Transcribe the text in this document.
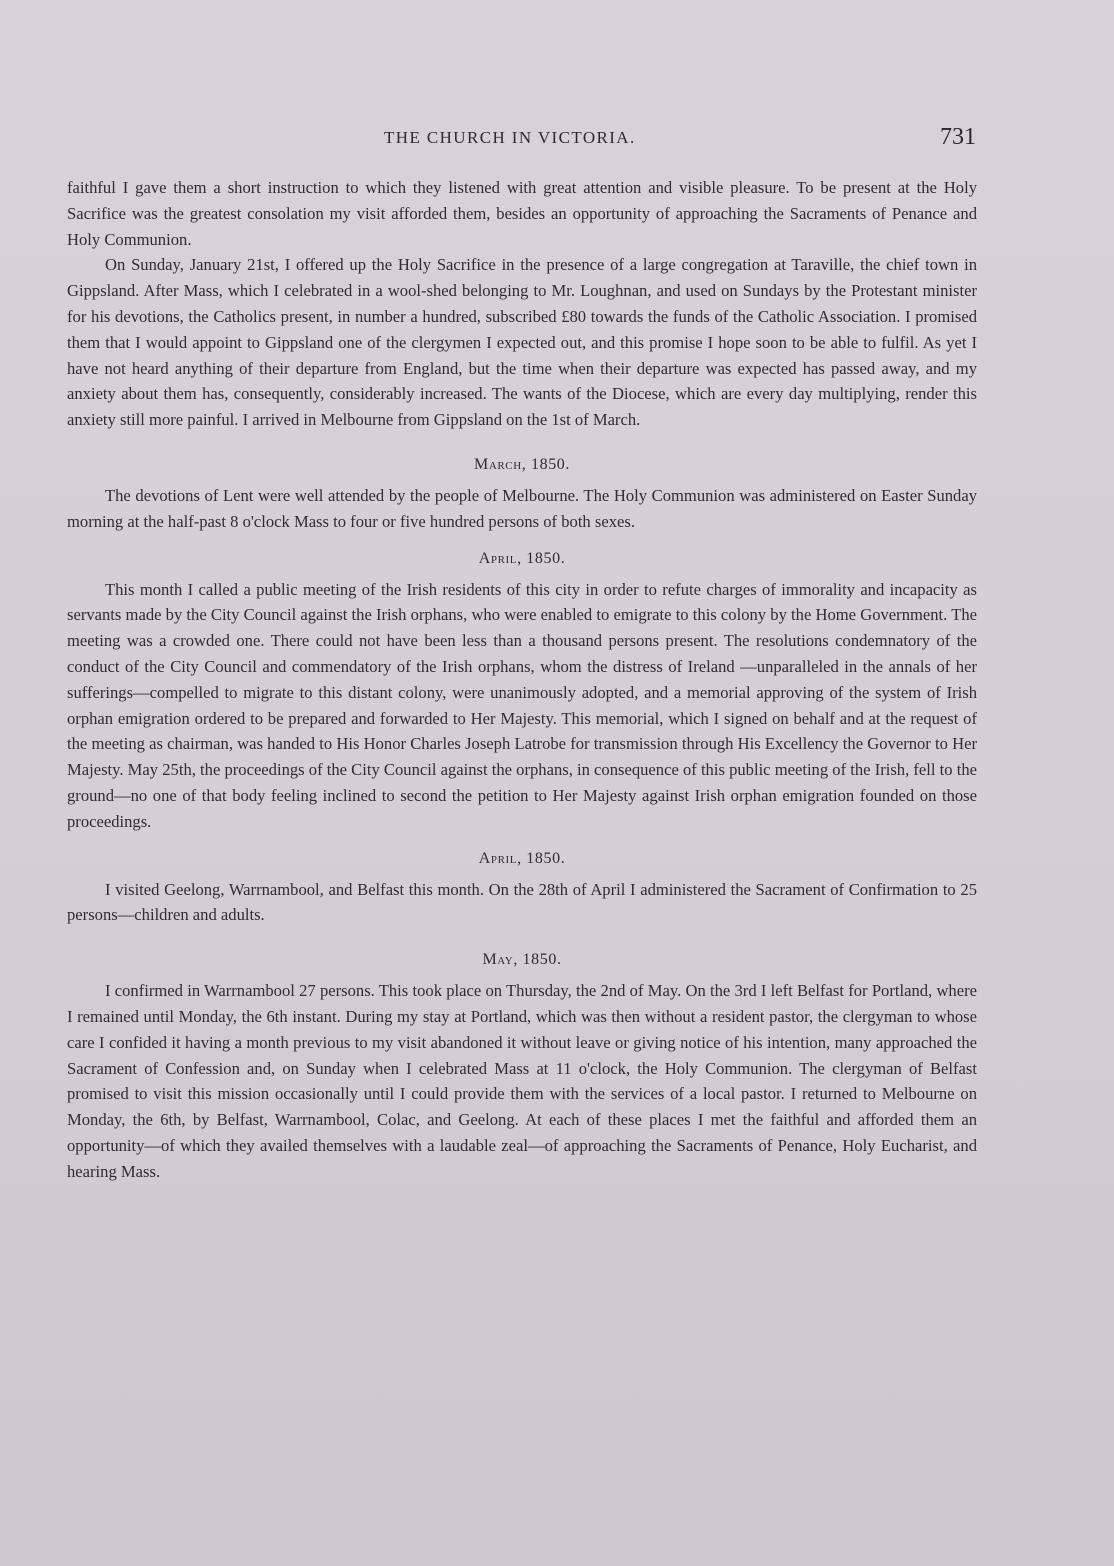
THE CHURCH IN VICTORIA.	731

faithful I gave them a short instruction to which they listened with great attention and visible pleasure. To be present at the Holy Sacrifice was the greatest consolation my visit afforded them, besides an opportunity of approaching the Sacraments of Penance and Holy Communion.

On Sunday, January 21st, I offered up the Holy Sacrifice in the presence of a large congregation at Taraville, the chief town in Gippsland. After Mass, which I celebrated in a wool-shed belonging to Mr. Loughnan, and used on Sundays by the Protestant minister for his devotions, the Catholics present, in number a hundred, subscribed £80 towards the funds of the Catholic Association. I promised them that I would appoint to Gippsland one of the clergymen I expected out, and this promise I hope soon to be able to fulfil. As yet I have not heard anything of their departure from England, but the time when their departure was expected has passed away, and my anxiety about them has, consequently, considerably increased. The wants of the Diocese, which are every day multiplying, render this anxiety still more painful. I arrived in Melbourne from Gippsland on the 1st of March.

March, 1850.

The devotions of Lent were well attended by the people of Melbourne. The Holy Communion was administered on Easter Sunday morning at the half-past 8 o'clock Mass to four or five hundred persons of both sexes.

April, 1850.

This month I called a public meeting of the Irish residents of this city in order to refute charges of immorality and incapacity as servants made by the City Council against the Irish orphans, who were enabled to emigrate to this colony by the Home Government. The meeting was a crowded one. There could not have been less than a thousand persons present. The resolutions condemnatory of the conduct of the City Council and commendatory of the Irish orphans, whom the distress of Ireland —unparalleled in the annals of her sufferings—compelled to migrate to this distant colony, were unanimously adopted, and a memorial approving of the system of Irish orphan emigration ordered to be prepared and forwarded to Her Majesty. This memorial, which I signed on behalf and at the request of the meeting as chairman, was handed to His Honor Charles Joseph Latrobe for transmission through His Excellency the Governor to Her Majesty. May 25th, the proceedings of the City Council against the orphans, in consequence of this public meeting of the Irish, fell to the ground—no one of that body feeling inclined to second the petition to Her Majesty against Irish orphan emigration founded on those proceedings.

April, 1850.

I visited Geelong, Warrnambool, and Belfast this month. On the 28th of April I administered the Sacrament of Confirmation to 25 persons—children and adults.

May, 1850.

I confirmed in Warrnambool 27 persons. This took place on Thursday, the 2nd of May. On the 3rd I left Belfast for Portland, where I remained until Monday, the 6th instant. During my stay at Portland, which was then without a resident pastor, the clergyman to whose care I confided it having a month previous to my visit abandoned it without leave or giving notice of his intention, many approached the Sacrament of Confession and, on Sunday when I celebrated Mass at 11 o'clock, the Holy Communion. The clergyman of Belfast promised to visit this mission occasionally until I could provide them with the services of a local pastor. I returned to Melbourne on Monday, the 6th, by Belfast, Warrnambool, Colac, and Geelong. At each of these places I met the faithful and afforded them an opportunity—of which they availed themselves with a laudable zeal—of approaching the Sacraments of Penance, Holy Eucharist, and hearing Mass.
